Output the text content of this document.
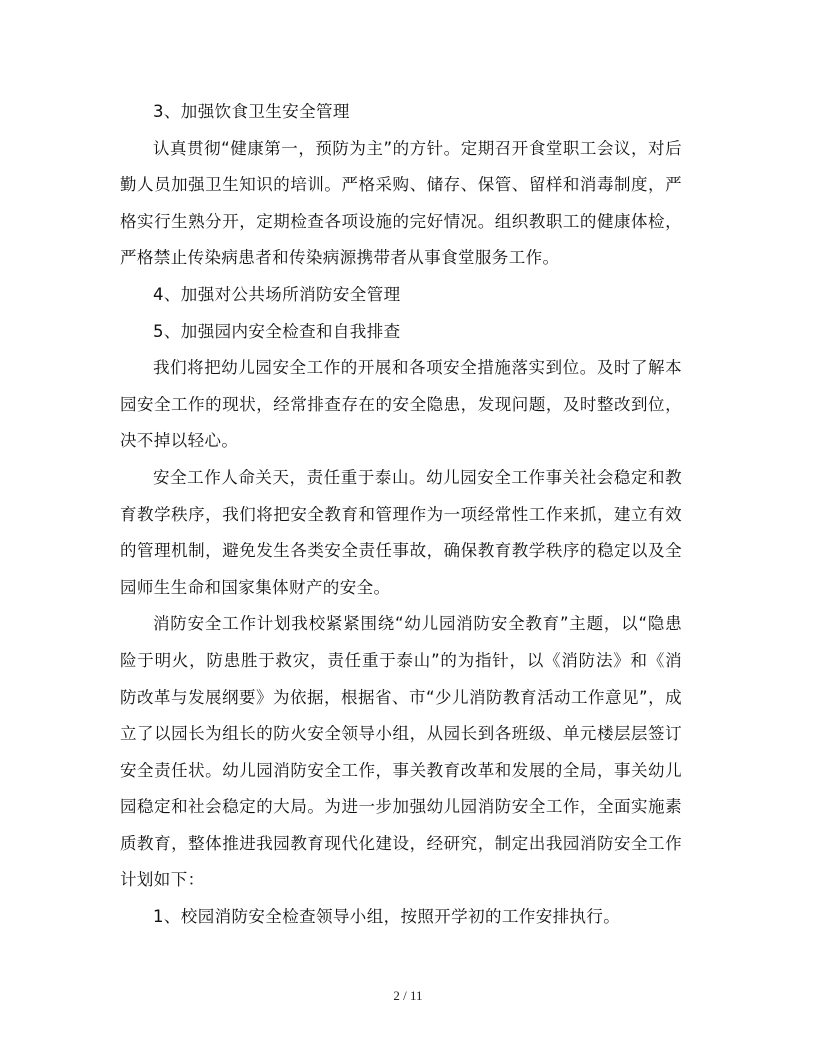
3、加强饮食卫生安全管理

认真贯彻“健康第一，预防为主”的方针。定期召开食堂职工会议，对后勤人员加强卫生知识的培训。严格采购、储存、保管、留样和消毒制度，严格实行生熟分开，定期检查各项设施的完好情况。组织教职工的健康体检，严格禁止传染病患者和传染病源携带者从事食堂服务工作。

4、加强对公共场所消防安全管理

5、加强园内安全检查和自我排查

我们将把幼儿园安全工作的开展和各项安全措施落实到位。及时了解本园安全工作的现状，经常排查存在的安全隐患，发现问题，及时整改到位，决不掉以轻心。

安全工作人命关天，责任重于泰山。幼儿园安全工作事关社会稳定和教育教学秩序，我们将把安全教育和管理作为一项经常性工作来抓，建立有效的管理机制，避免发生各类安全责任事故，确保教育教学秩序的稳定以及全园师生生命和国家集体财产的安全。

消防安全工作计划我校紧紧围绕“幼儿园消防安全教育”主题，以“隐患险于明火，防患胜于救灾，责任重于泰山”的为指针，以《消防法》和《消防改革与发展纲要》为依据，根据省、市“少儿消防教育活动工作意见”，成立了以园长为组长的防火安全领导小组，从园长到各班级、单元楼层层签订安全责任状。幼儿园消防安全工作，事关教育改革和发展的全局，事关幼儿园稳定和社会稳定的大局。为进一步加强幼儿园消防安全工作，全面实施素质教育，整体推进我园教育现代化建设，经研究，制定出我园消防安全工作计划如下：

1、校园消防安全检查领导小组，按照开学初的工作安排执行。

2 / 11
